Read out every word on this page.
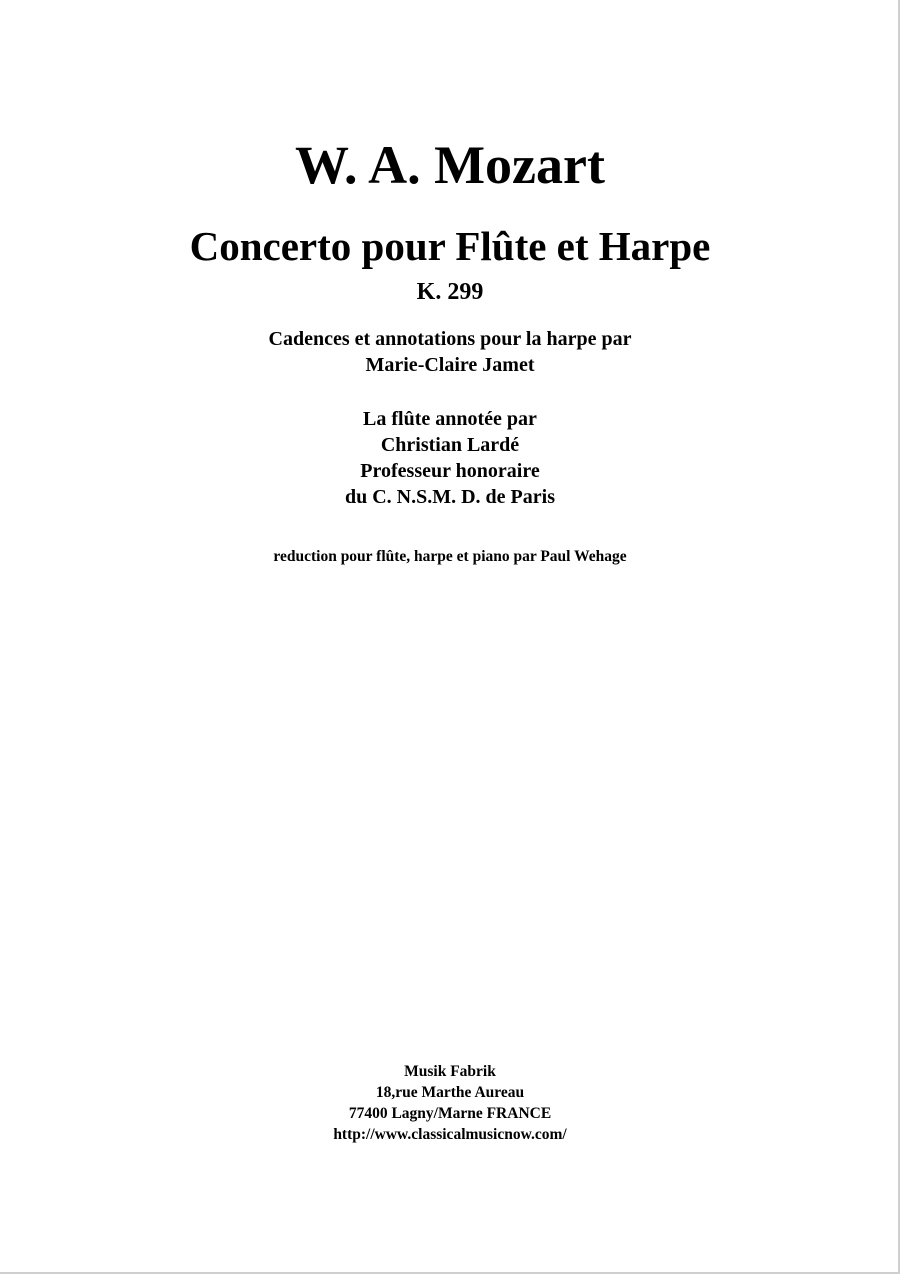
W. A. Mozart
Concerto pour Flûte et Harpe
K. 299
Cadences et annotations pour la harpe par
Marie-Claire Jamet
La flûte annotée par
Christian Lardé
Professeur honoraire
du C. N.S.M. D. de Paris
reduction pour flûte, harpe et piano par Paul Wehage
Musik Fabrik
18,rue Marthe Aureau
77400 Lagny/Marne FRANCE
http://www.classicalmusicnow.com/
